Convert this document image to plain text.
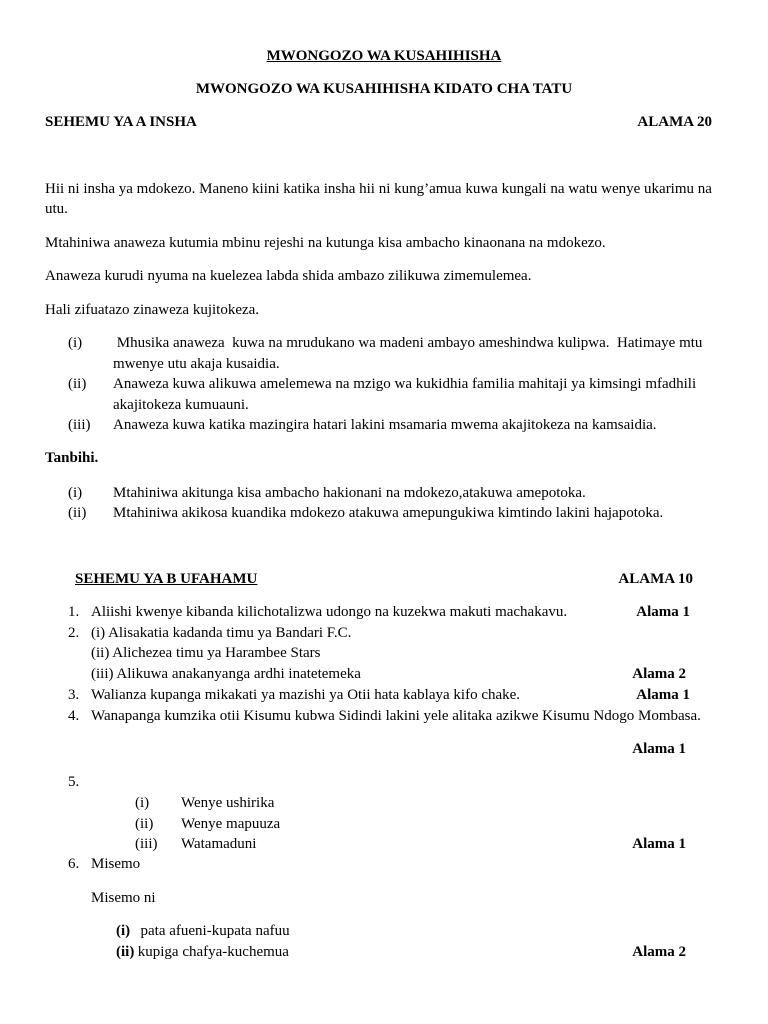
MWONGOZO WA KUSAHIHISHA
MWONGOZO WA KUSAHIHISHA KIDATO CHA TATU
SEHEMU YA A INSHA	ALAMA 20
Hii ni insha ya mdokezo. Maneno kiini katika insha hii ni kung’amua kuwa kungali na watu wenye ukarimu na utu.
Mtahiniwa anaweza kutumia mbinu rejeshi na kutunga kisa ambacho kinaonana na mdokezo.
Anaweza kurudi nyuma na kuelezea labda shida ambazo zilikuwa zimemulemea.
Hali zifuatazo zinaweza kujitokeza.
(i) Mhusika anaweza  kuwa na mrudukano wa madeni ambayo ameshindwa kulipwa.  Hatimaye mtu
mwenye utu akaja kusaidia.
(ii) Anaweza kuwa alikuwa amelemewa na mzigo wa kukidhia familia mahitaji ya kimsingi mfadhili
akajitokeza kumuauni.
(iii) Anaweza kuwa katika mazingira hatari lakini msamaria mwema akajitokeza na kamsaidia.
Tanbihi.
(i) Mtahiniwa akitunga kisa ambacho hakionani na mdokezo,atakuwa amepotoka.
(ii) Mtahiniwa akikosa kuandika mdokezo atakuwa amepungukiwa kimtindo lakini hajapotoka.
SEHEMU YA B UFAHAMU	ALAMA 10
1. Aliishi kwenye kibanda kilichotalizwa udongo na kuzekwa makuti machakavu.	Alama 1
2. (i) Alisakatia kadanda timu ya Bandari F.C.
(ii) Alichezea timu ya Harambee Stars
(iii) Alikuwa anakanyanga ardhi inatetemeka	Alama 2
3. Walianza kupanga mikakati ya mazishi ya Otii hata kablaya kifo chake.	Alama 1
4. Wanapanga kumzika otii Kisumu kubwa Sidindi lakini yele alitaka azikwe Kisumu Ndogo Mombasa.
Alama 1
5.
(i) Wenye ushirika
(ii) Wenye mapuuza
(iii) Watamaduni	Alama 1
6. Misemo
Misemo ni
(i) pata afueni-kupata nafuu
(ii) kupiga chafya-kuchemua	Alama 2
